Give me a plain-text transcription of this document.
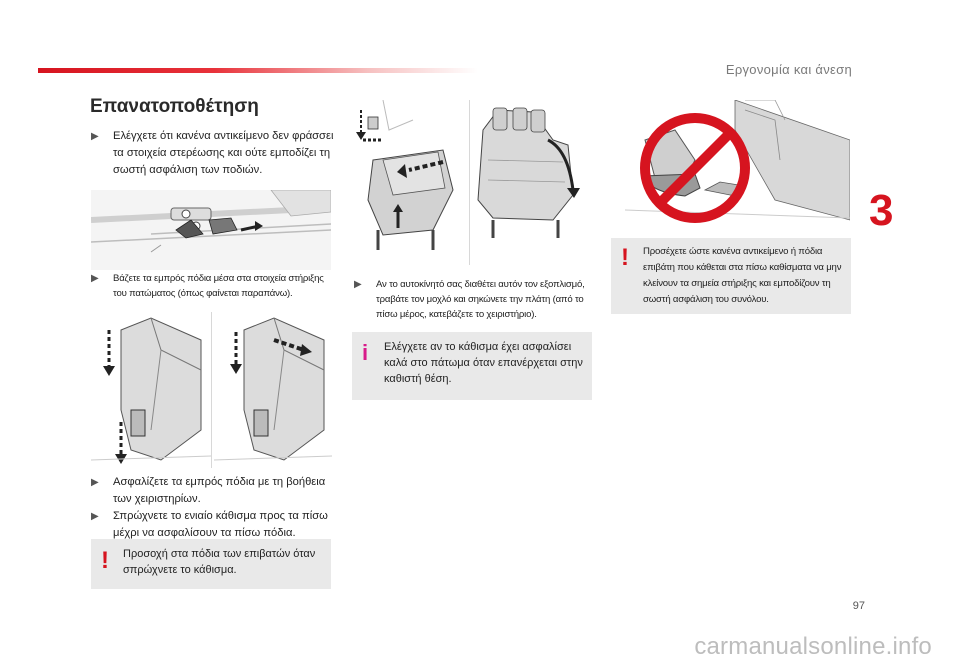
Εργονομία και άνεση
3
Επανατοποθέτηση
▶ Ελέγχετε ότι κανένα αντικείμενο δεν φράσσει τα στοιχεία στερέωσης και ούτε εμποδίζει τη σωστή ασφάλιση των ποδιών.
▶ Βάζετε τα εμπρός πόδια μέσα στα στοιχεία στήριξης του πατώματος (όπως φαίνεται παραπάνω).
▶ Ασφαλίζετε τα εμπρός πόδια με τη βοήθεια των χειριστηρίων.
▶ Σπρώχνετε το ενιαίο κάθισμα προς τα πίσω μέχρι να ασφαλίσουν τα πίσω πόδια.
! Προσοχή στα πόδια των επιβατών όταν σπρώχνετε το κάθισμα.
▶ Αν το αυτοκίνητό σας διαθέτει αυτόν τον εξοπλισμό, τραβάτε τον μοχλό και σηκώνετε την πλάτη (από το πίσω μέρος, κατεβάζετε το χειριστήριο).
i Ελέγχετε αν το κάθισμα έχει ασφαλίσει καλά στο πάτωμα όταν επανέρχεται στην καθιστή θέση.
! Προσέχετε ώστε κανένα αντικείμενο ή πόδια επιβάτη που κάθεται στα πίσω καθίσματα να μην κλείνουν τα σημεία στήριξης και εμποδίζουν τη σωστή ασφάλιση του συνόλου.
97
carmanualsonline.info
